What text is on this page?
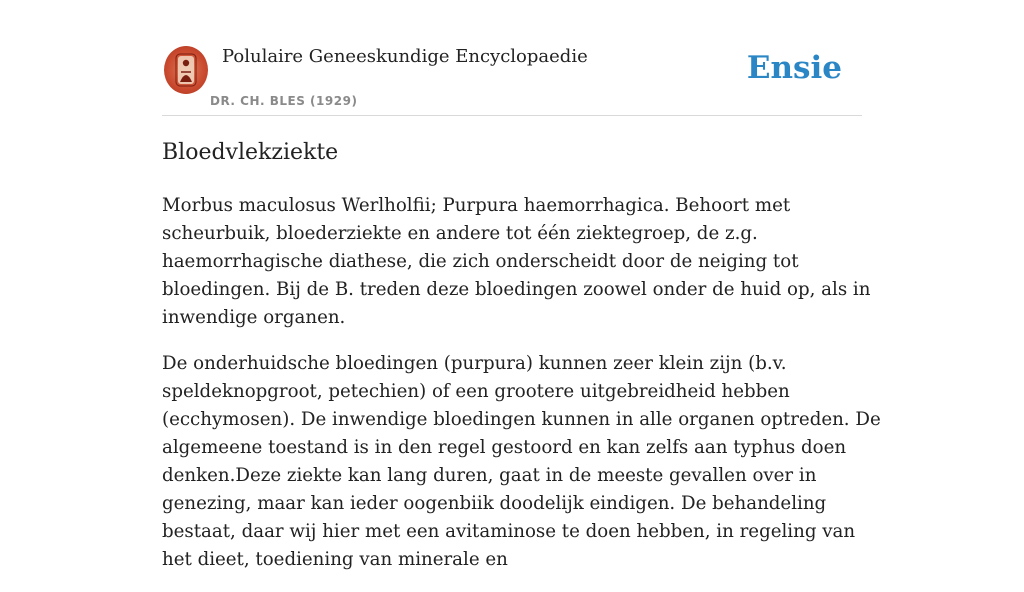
Polulaire Geneeskundige Encyclopaedie
DR. CH. BLES (1929)
Ensie
Bloedvlekziekte

Morbus maculosus Werlholfii; Purpura haemorrhagica. Behoort met scheurbuik, bloederziekte en andere tot één ziektegroep, de z.g. haemorrhagische diathese, die zich onderscheidt door de neiging tot bloedingen. Bij de B. treden deze bloedingen zoowel onder de huid op, als in inwendige organen.

De onderhuidsche bloedingen (purpura) kunnen zeer klein zijn (b.v. speldeknopgroot, petechien) of een grootere uitgebreidheid hebben (ecchymosen). De inwendige bloedingen kunnen in alle organen optreden. De algemeene toestand is in den regel gestoord en kan zelfs aan typhus doen denken.Deze ziekte kan lang duren, gaat in de meeste gevallen over in genezing, maar kan ieder oogenbiik doodelijk eindigen. De behandeling bestaat, daar wij hier met een avitaminose te doen hebben, in regeling van het dieet, toediening van minerale en
